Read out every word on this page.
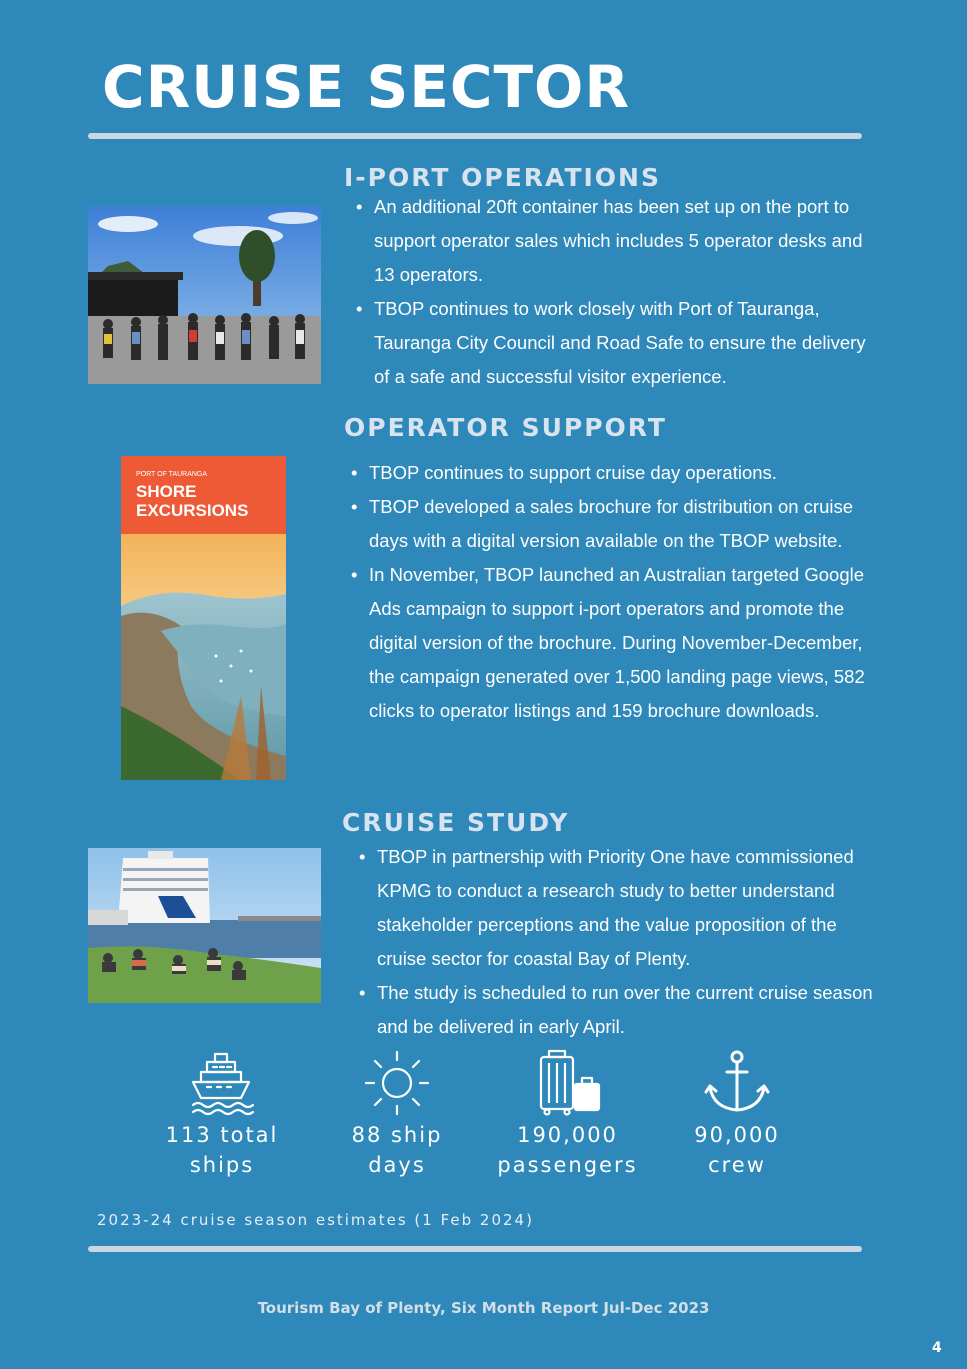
CRUISE SECTOR
I-PORT OPERATIONS
• An additional 20ft container has been set up on the port to support operator sales which includes 5 operator desks and 13 operators.
• TBOP continues to work closely with Port of Tauranga, Tauranga City Council and Road Safe to ensure the delivery of a safe and successful visitor experience.
OPERATOR SUPPORT
PORT OF TAURANGA
SHORE
EXCURSIONS
• TBOP continues to support cruise day operations.
• TBOP developed a sales brochure for distribution on cruise days with a digital version available on the TBOP website.
• In November, TBOP launched an Australian targeted Google Ads campaign to support i-port operators and promote the digital version of the brochure. During November-December, the campaign generated over 1,500 landing page views, 582 clicks to operator listings and 159 brochure downloads.
CRUISE STUDY
• TBOP in partnership with Priority One have commissioned KPMG to conduct a research study to better understand stakeholder perceptions and the value proposition of the cruise sector for coastal Bay of Plenty.
• The study is scheduled to run over the current cruise season and be delivered in early April.
113 total
ships
88 ship
days
190,000
passengers
90,000
crew
2023-24 cruise season estimates (1 Feb 2024)
Tourism Bay of Plenty, Six Month Report Jul-Dec 2023
4
